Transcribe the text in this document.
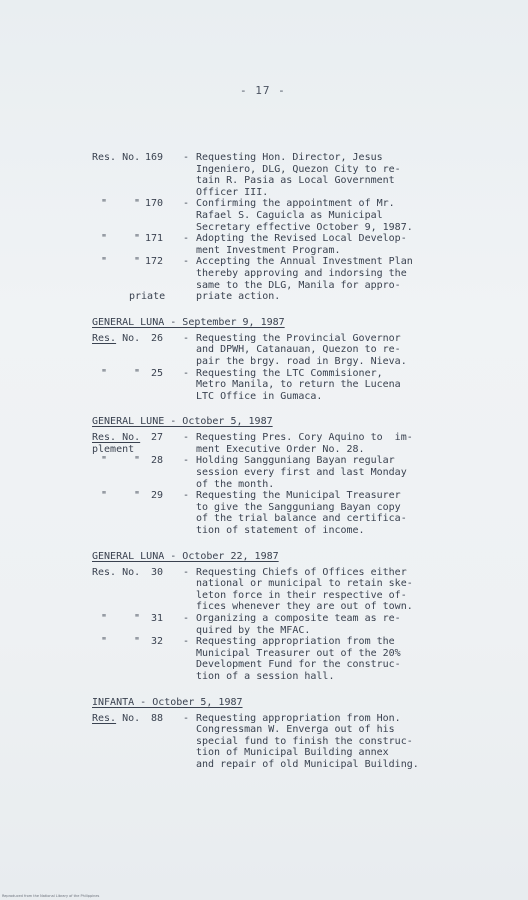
- 17 -
Res. No. 169 - Requesting Hon. Director, Jesus
Ingeniero, DLG, Quezon City to re-
tain R. Pasia as Local Government
Officer III.
"	" 170 - Confirming the appointment of Mr.
Rafael S. Caguicla as Municipal
Secretary effective October 9, 1987.
"	" 171 - Adopting the Revised Local Develop-
ment Investment Program.
"	" 172 - Accepting the Annual Investment Plan
thereby approving and indorsing the
same to the DLG, Manila for appro-
priate	priate action.
GENERAL LUNA - September 9, 1987
Res. No. 26 - Requesting the Provincial Governor
and DPWH, Catanauan, Quezon to re-
pair the brgy. road in Brgy. Nieva.
"	" 25 - Requesting the LTC Commisioner,
Metro Manila, to return the Lucena
LTC Office in Gumaca.
GENERAL LUNE - October 5, 1987
Res. No. 27 - Requesting Pres. Cory Aquino to  im-
plement	ment Executive Order No. 28.
"	" 28 - Holding Sangguniang Bayan regular
session every first and last Monday
of the month.
"	" 29 - Requesting the Municipal Treasurer
to give the Sangguniang Bayan copy
of the trial balance and certifica-
tion of statement of income.
GENERAL LUNA - October 22, 1987
Res. No. 30 - Requesting Chiefs of Offices either
national or municipal to retain ske-
leton force in their respective of-
fices whenever they are out of town.
"	" 31 - Organizing a composite team as re-
quired by the MFAC.
"	" 32 - Requesting appropriation from the
Municipal Treasurer out of the 20%
Development Fund for the construc-
tion of a session hall.
INFANTA - October 5, 1987
Res. No. 88 - Requesting appropriation from Hon.
Congressman W. Enverga out of his
special fund to finish the construc-
tion of Municipal Building annex
and repair of old Municipal Building.
Reproduced from the National Library of the Philippines
